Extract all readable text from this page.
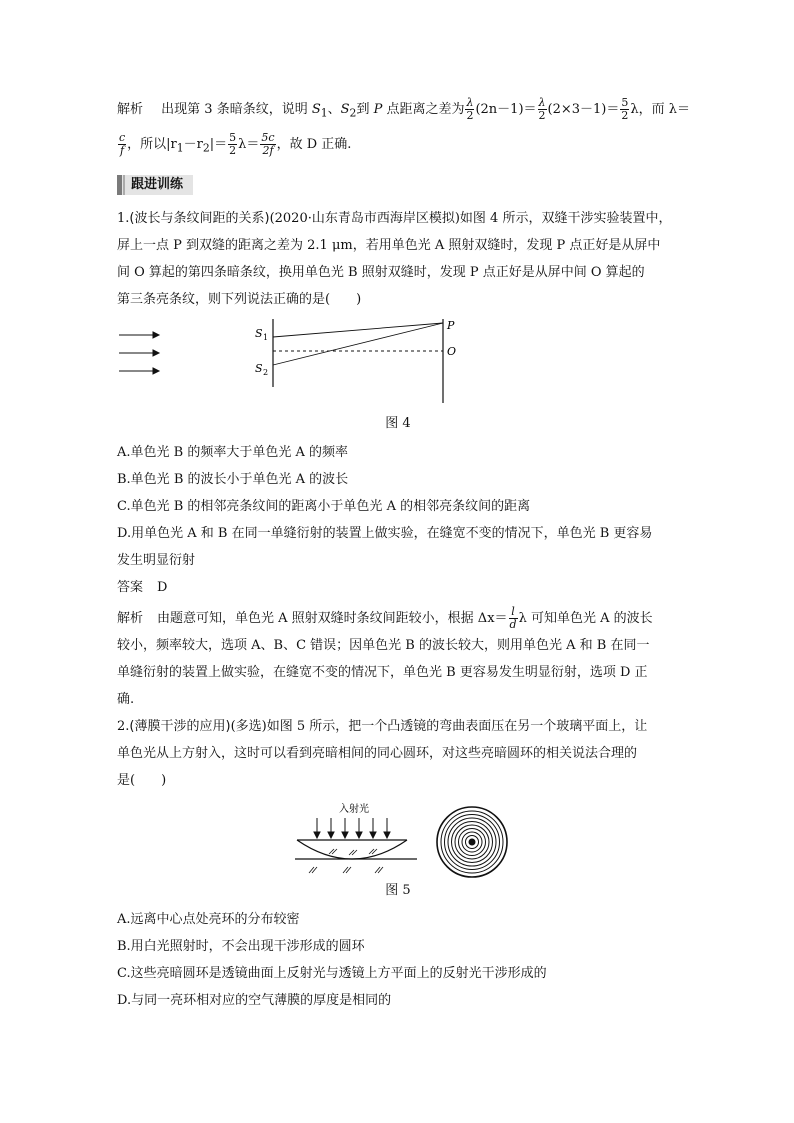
解析 出现第 3 条暗条纹，说明 $S_1$、$S_2$到 P 点距离之差为 $\frac{\lambda}{2} (2n-1)= \frac{\lambda}{2} (2\times 3-1)= \frac{5}{2}$ λ，而 λ＝
$\frac{c}{f}$ ，所以$|r_1-r_2|= \frac{5}{2} \lambda= \frac{5c}{2f}$ ，故 D 正确.
跟进训练
1.(波长与条纹间距的关系)(2020·山东青岛市西海岸区模拟)如图 4 所示，双缝干涉实验装置中，
屏上一点 P 到双缝的距离之差为 2.1 μm，若用单色光 A 照射双缝时，发现 P 点正好是从屏中
间 O 算起的第四条暗条纹，换用单色光 B 照射双缝时，发现 P 点正好是从屏中间 O 算起的
第三条亮条纹，则下列说法正确的是(　　)
S 1
S 2
P
O
图 4
A.单色光 B 的频率大于单色光 A 的频率
B.单色光 B 的波长小于单色光 A 的波长
C.单色光 B 的相邻亮条纹间的距离小于单色光 A 的相邻亮条纹间的距离
D.用单色光 A 和 B 在同一单缝衍射的装置上做实验，在缝宽不变的情况下，单色光 B 更容易
发生明显衍射
答案 D
解析 由题意可知，单色光 A 照射双缝时条纹间距较小，根据 $\Delta x= \frac{l}{d}$ λ 可知单色光 A 的波长
较小，频率较大，选项 A、B、C 错误；因单色光 B 的波长较大，则用单色光 A 和 B 在同一
单缝衍射的装置上做实验，在缝宽不变的情况下，单色光 B 更容易发生明显衍射，选项 D 正
确.
2.(薄膜干涉的应用)(多选)如图 5 所示，把一个凸透镜的弯曲表面压在另一个玻璃平面上，让
单色光从上方射入，这时可以看到亮暗相间的同心圆环，对这些亮暗圆环的相关说法合理的
是(　　)
入射光
图 5
A.远离中心点处亮环的分布较密
B.用白光照射时，不会出现干涉形成的圆环
C.这些亮暗圆环是透镜曲面上反射光与透镜上方平面上的反射光干涉形成的
D.与同一亮环相对应的空气薄膜的厚度是相同的
